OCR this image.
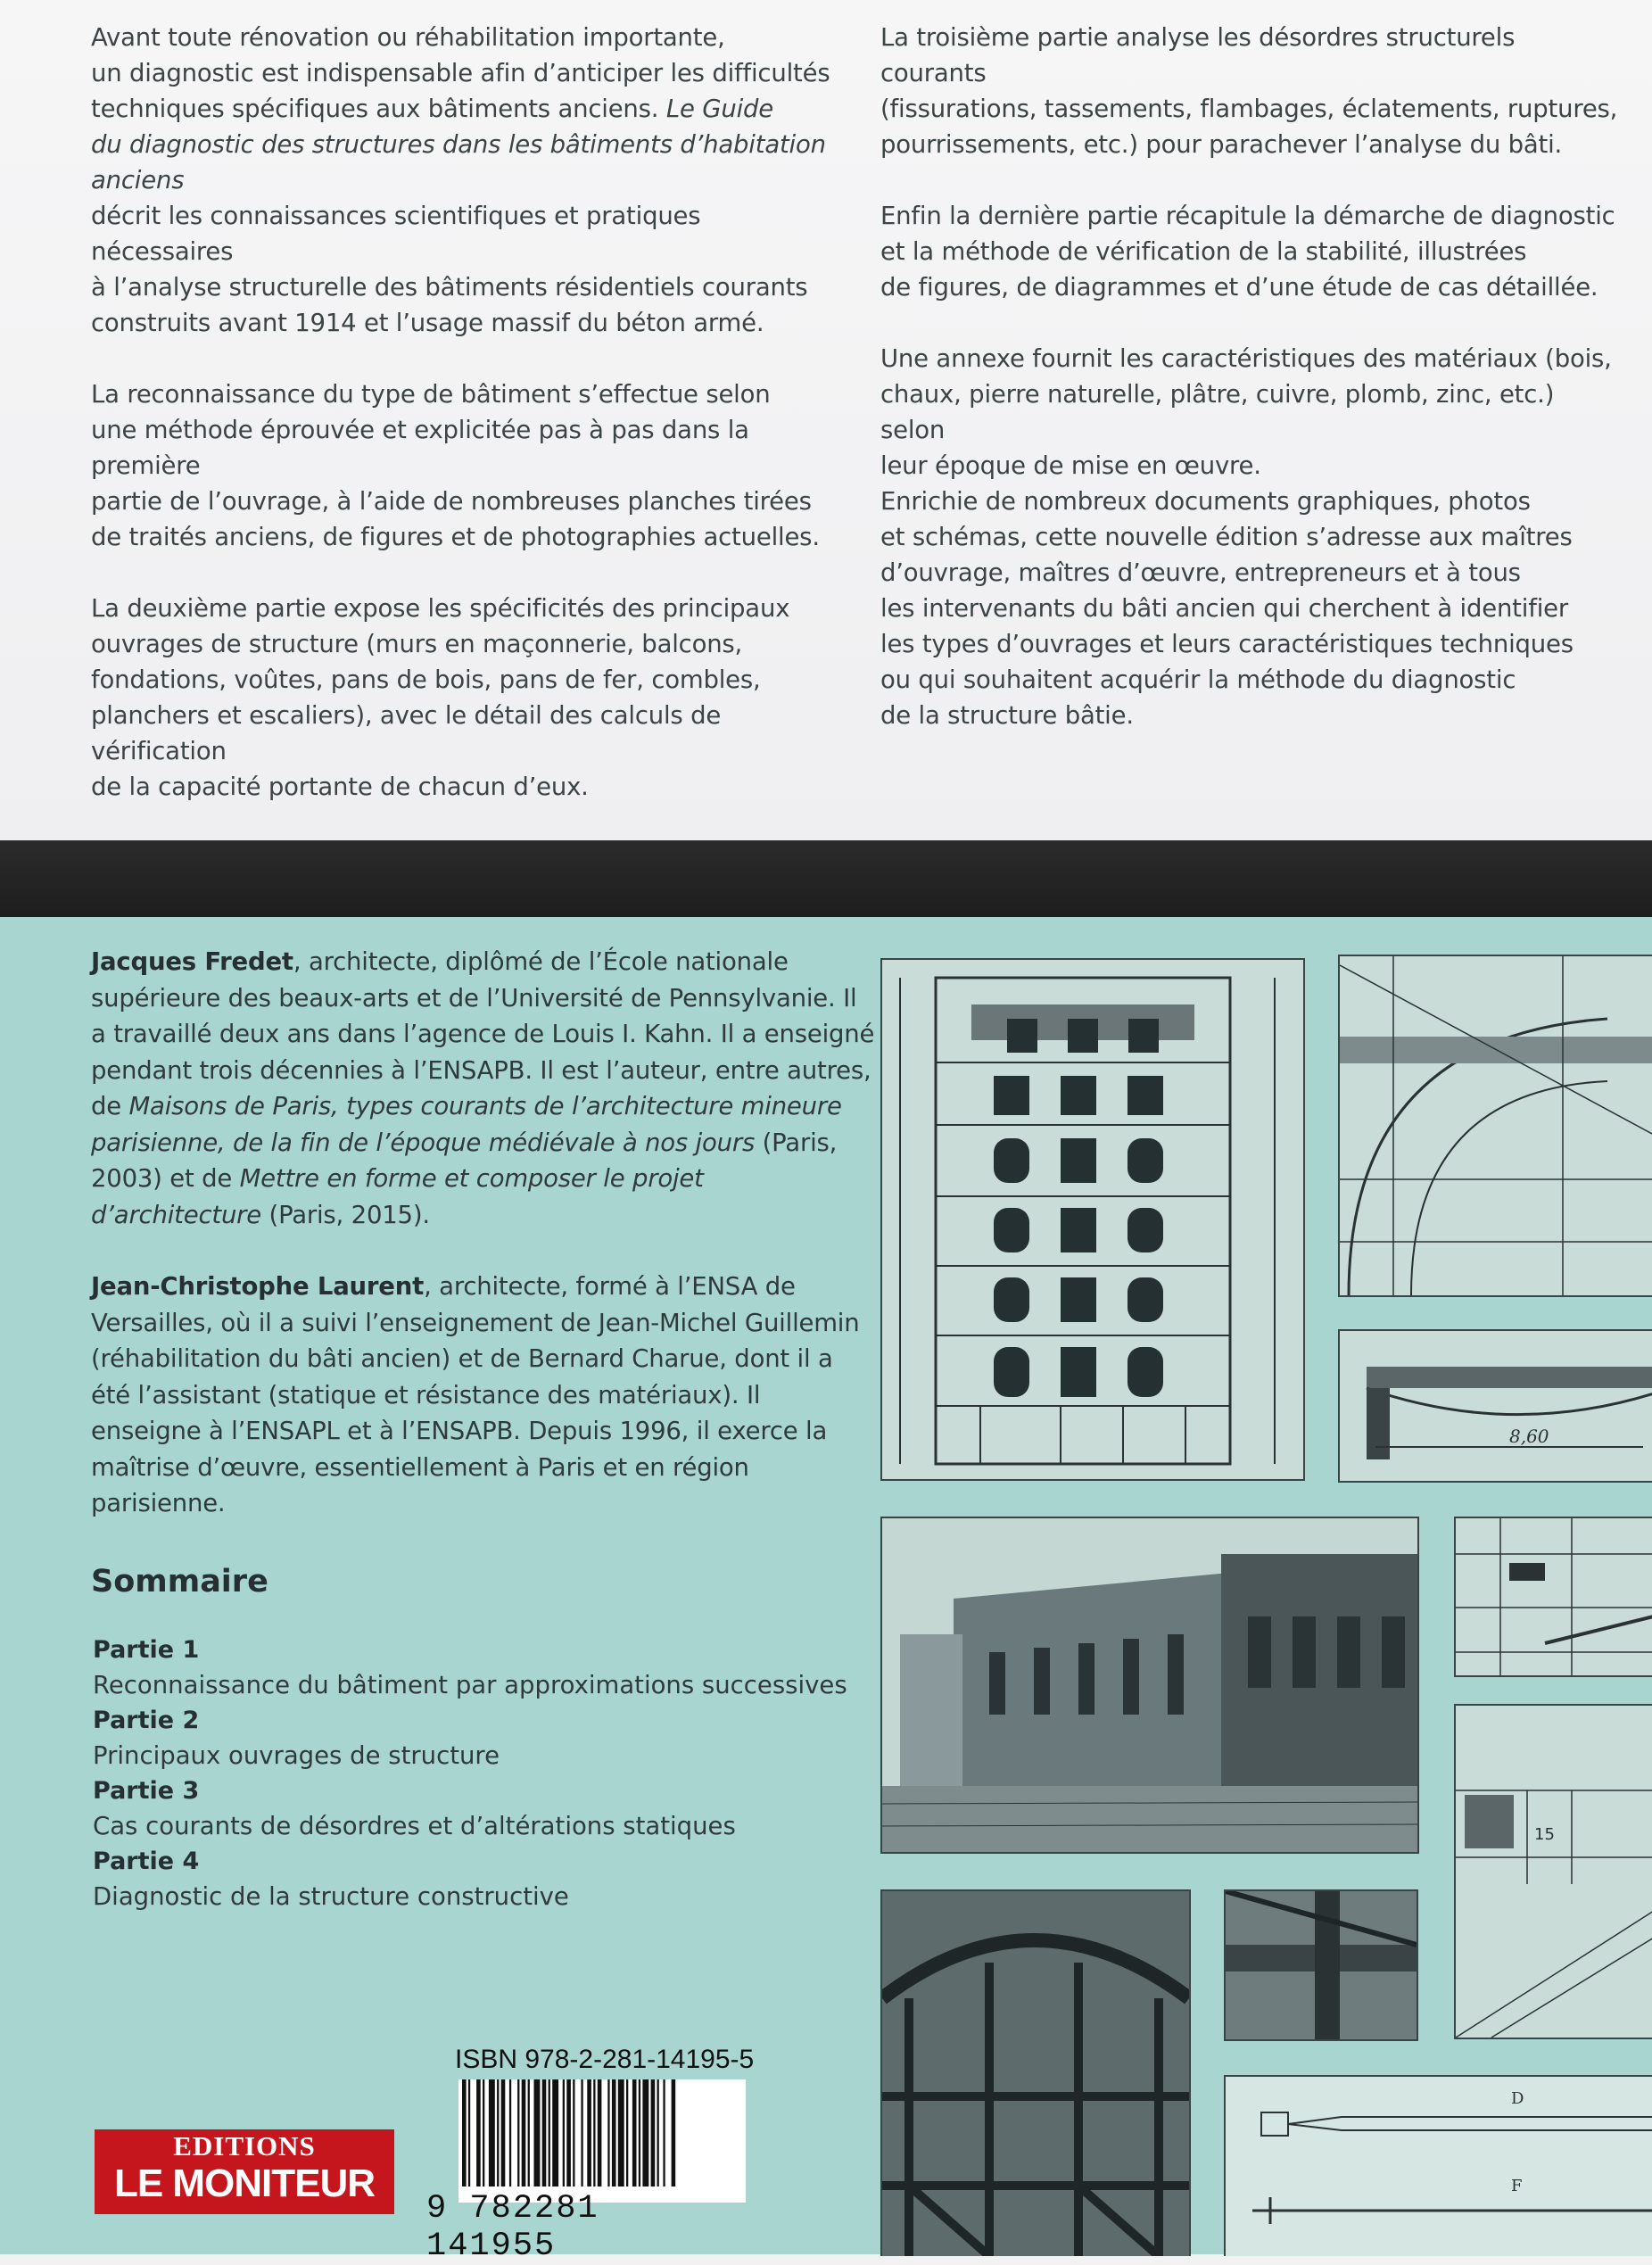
Avant toute rénovation ou réhabilitation importante,
un diagnostic est indispensable afin d’anticiper les difficultés
techniques spécifiques aux bâtiments anciens. Le Guide
du diagnostic des structures dans les bâtiments d’habitation anciens
décrit les connaissances scientifiques et pratiques nécessaires
à l’analyse structurelle des bâtiments résidentiels courants
construits avant 1914 et l’usage massif du béton armé.

La reconnaissance du type de bâtiment s’effectue selon
une méthode éprouvée et explicitée pas à pas dans la première
partie de l’ouvrage, à l’aide de nombreuses planches tirées
de traités anciens, de figures et de photographies actuelles.

La deuxième partie expose les spécificités des principaux
ouvrages de structure (murs en maçonnerie, balcons,
fondations, voûtes, pans de bois, pans de fer, combles,
planchers et escaliers), avec le détail des calculs de vérification
de la capacité portante de chacun d’eux.

La troisième partie analyse les désordres structurels courants
(fissurations, tassements, flambages, éclatements, ruptures,
pourrissements, etc.) pour parachever l’analyse du bâti.

Enfin la dernière partie récapitule la démarche de diagnostic
et la méthode de vérification de la stabilité, illustrées
de figures, de diagrammes et d’une étude de cas détaillée.

Une annexe fournit les caractéristiques des matériaux (bois,
chaux, pierre naturelle, plâtre, cuivre, plomb, zinc, etc.) selon
leur époque de mise en œuvre.

Enrichie de nombreux documents graphiques, photos
et schémas, cette nouvelle édition s’adresse aux maîtres
d’ouvrage, maîtres d’œuvre, entrepreneurs et à tous
les intervenants du bâti ancien qui cherchent à identifier
les types d’ouvrages et leurs caractéristiques techniques
ou qui souhaitent acquérir la méthode du diagnostic
de la structure bâtie.

Jacques Fredet, architecte, diplômé de l’École nationale supérieure des beaux-arts et de l’Université de Pennsylvanie. Il a travaillé deux ans dans l’agence de Louis I. Kahn. Il a enseigné pendant trois décennies à l’ENSAPB. Il est l’auteur, entre autres, de Maisons de Paris, types courants de l’architecture mineure parisienne, de la fin de l’époque médiévale à nos jours (Paris, 2003) et de Mettre en forme et composer le projet d’architecture (Paris, 2015).

Jean-Christophe Laurent, architecte, formé à l’ENSA de Versailles, où il a suivi l’enseignement de Jean-Michel Guillemin (réhabilitation du bâti ancien) et de Bernard Charue, dont il a été l’assistant (statique et résistance des matériaux). Il enseigne à l’ENSAPL et à l’ENSAPB. Depuis 1996, il exerce la maîtrise d’œuvre, essentiellement à Paris et en région parisienne.

Sommaire
Partie 1
Reconnaissance du bâtiment par approximations successives
Partie 2
Principaux ouvrages de structure
Partie 3
Cas courants de désordres et d’altérations statiques
Partie 4
Diagnostic de la structure constructive
8,60
15
D
F
ISBN 978-2-281-14195-5
9 782281 141955
EDITIONS
LE MONITEUR
